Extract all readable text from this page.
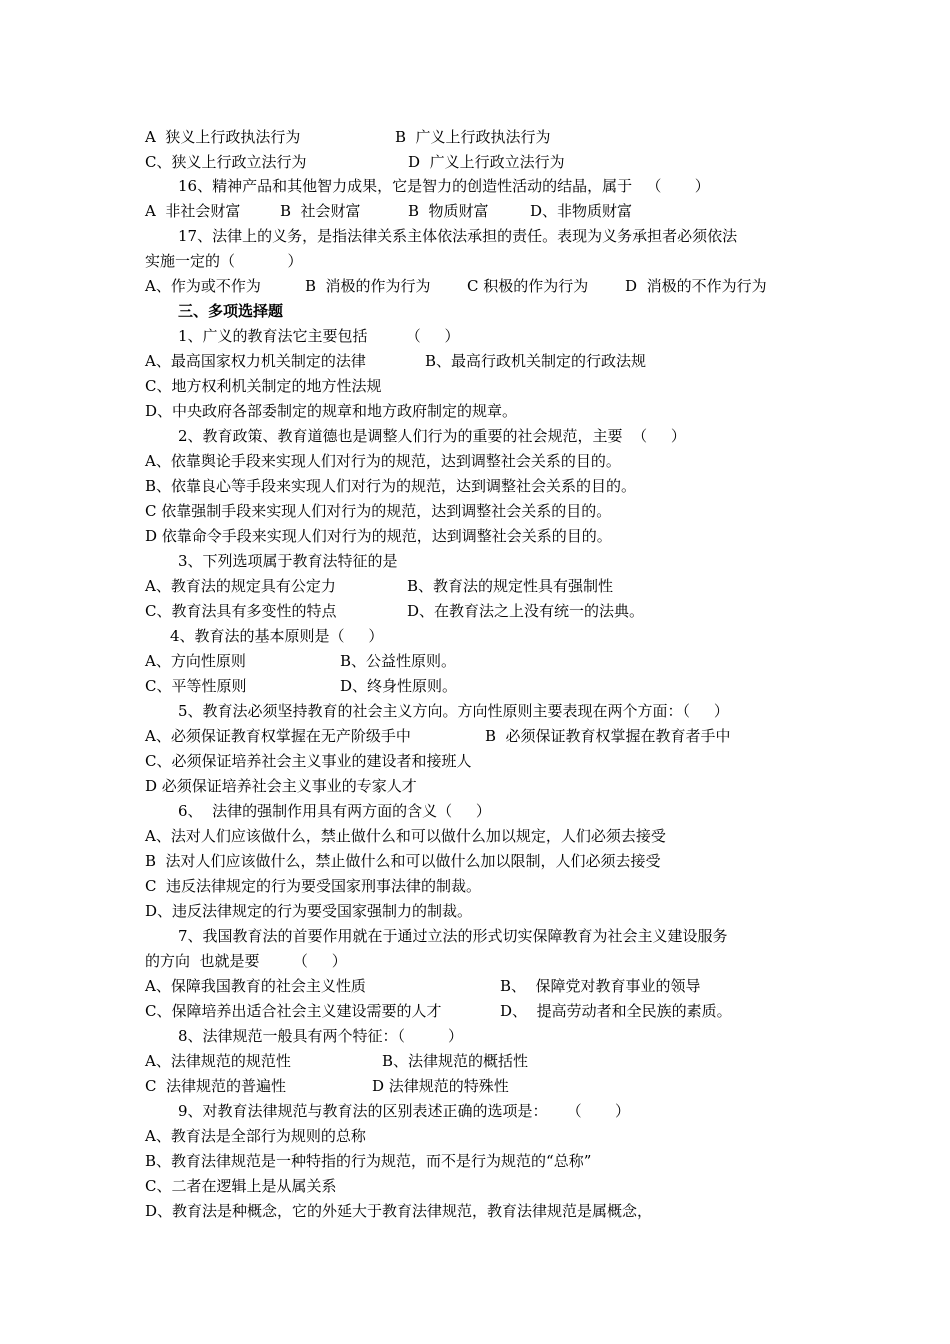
A  狭义上行政执法行为

	B  广义上行政执法行为

C、狭义上行政立法行为

	D  广义上行政立法行为

16、精神产品和其他智力成果，它是智力的创造性活动的结晶，属于   （       ）

A  非社会财富

	B  社会财富

	B  物质财富

	D、非物质财富

17、法律上的义务，是指法律关系主体依法承担的责任。表现为义务承担者必须依法
实施一定的（           ）

A、作为或不作为

	B  消极的作为行为

C 积极的作为行为

D  消极的不作为行为

三、多项选择题
1、广义的教育法它主要包括        （     ）

A、最高国家权力机关制定的法律

	B、最高行政机关制定的行政法规

C、地方权利机关制定的地方性法规
D、中央政府各部委制定的规章和地方政府制定的规章。
2、教育政策、教育道德也是调整人们行为的重要的社会规范，主要  （     ）
A、依靠舆论手段来实现人们对行为的规范，达到调整社会关系的目的。
B、依靠良心等手段来实现人们对行为的规范，达到调整社会关系的目的。
C 依靠强制手段来实现人们对行为的规范，达到调整社会关系的目的。
D 依靠命令手段来实现人们对行为的规范，达到调整社会关系的目的。
3、下列选项属于教育法特征的是

A、教育法的规定具有公定力

	B、教育法的规定性具有强制性

C、教育法具有多变性的特点

	D、在教育法之上没有统一的法典。

4、教育法的基本原则是（     ）

A、方向性原则

	B、公益性原则。

C、平等性原则

	D、终身性原则。

5、教育法必须坚持教育的社会主义方向。方向性原则主要表现在两个方面：（     ）

A、必须保证教育权掌握在无产阶级手中

	B  必须保证教育权掌握在教育者手中

C、必须保证培养社会主义事业的建设者和接班人
D 必须保证培养社会主义事业的专家人才
6、  法律的强制作用具有两方面的含义（     ）
A、法对人们应该做什么，禁止做什么和可以做什么加以规定，人们必须去接受
B  法对人们应该做什么，禁止做什么和可以做什么加以限制，人们必须去接受
C  违反法律规定的行为要受国家刑事法律的制裁。
D、违反法律规定的行为要受国家强制力的制裁。
7、我国教育法的首要作用就在于通过立法的形式切实保障教育为社会主义建设服务
的方向  也就是要       （     ）

A、保障我国教育的社会主义性质

	B、  保障党对教育事业的领导

C、保障培养出适合社会主义建设需要的人才

	D、  提高劳动者和全民族的素质。

8、法律规范一般具有两个特征：（         ）

A、法律规范的规范性

	B、法律规范的概括性

C  法律规范的普遍性

	D 法律规范的特殊性

9、对教育法律规范与教育法的区别表述正确的选项是：    （       ）
A、教育法是全部行为规则的总称
B、教育法律规范是一种特指的行为规范，而不是行为规范的“总称”
C、二者在逻辑上是从属关系
D、教育法是种概念，它的外延大于教育法律规范，教育法律规范是属概念，
